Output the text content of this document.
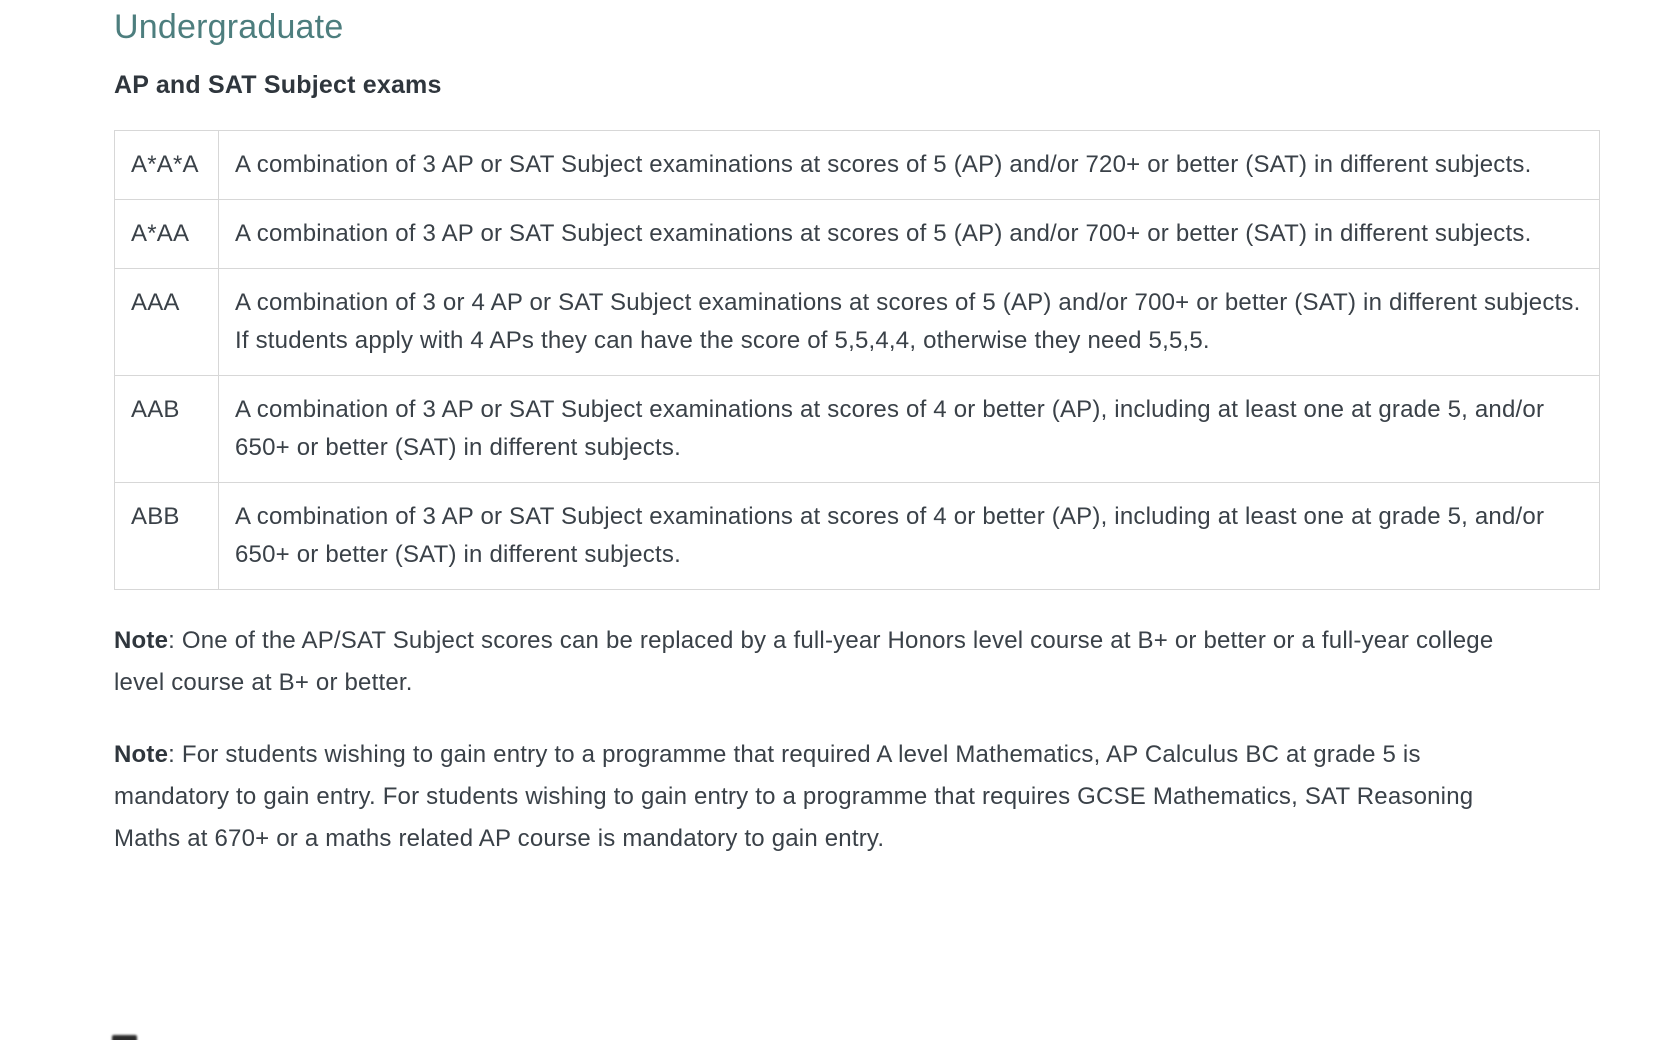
Undergraduate
AP and SAT Subject exams
A*A*A	A combination of 3 AP or SAT Subject examinations at scores of 5 (AP) and/or 720+ or better (SAT) in different subjects.
A*AA	A combination of 3 AP or SAT Subject examinations at scores of 5 (AP) and/or 700+ or better (SAT) in different subjects.
AAA	A combination of 3 or 4 AP or SAT Subject examinations at scores of 5 (AP) and/or 700+ or better (SAT) in different subjects. If students apply with 4 APs they can have the score of 5,5,4,4, otherwise they need 5,5,5.
AAB	A combination of 3 AP or SAT Subject examinations at scores of 4 or better (AP), including at least one at grade 5, and/or 650+ or better (SAT) in different subjects.
ABB	A combination of 3 AP or SAT Subject examinations at scores of 4 or better (AP), including at least one at grade 5, and/or 650+ or better (SAT) in different subjects.

Note: One of the AP/SAT Subject scores can be replaced by a full-year Honors level course at B+ or better or a full-year college level course at B+ or better.

Note: For students wishing to gain entry to a programme that required A level Mathematics, AP Calculus BC at grade 5 is mandatory to gain entry. For students wishing to gain entry to a programme that requires GCSE Mathematics, SAT Reasoning Maths at 670+ or a maths related AP course is mandatory to gain entry.
